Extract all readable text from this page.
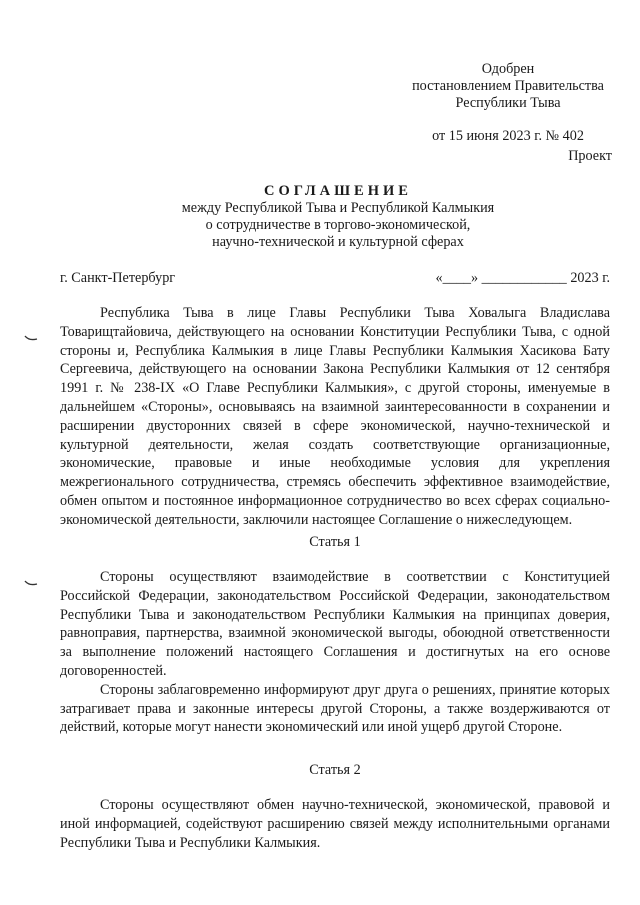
Одобрен
постановлением Правительства
Республики Тыва
от 15 июня 2023 г. № 402
Проект
СОГЛАШЕНИЕ
между Республикой Тыва и Республикой Калмыкия
о сотрудничестве в торгово-экономической,
научно-технической и культурной сферах
г. Санкт-Петербург	«____» ____________ 2023 г.

Республика Тыва в лице Главы Республики Тыва Ховалыга Владислава Товарищтайовича, действующего на основании Конституции Республики Тыва, с одной стороны и, Республика Калмыкия в лице Главы Республики Калмыкия Хасикова Бату Сергеевича, действующего на основании Закона Республики Калмыкия от 12 сентября 1991 г. № 238-IX «О Главе Республики Калмыкия», с другой стороны, именуемые в дальнейшем «Стороны», основываясь на взаимной заинтересованности в сохранении и расширении двусторонних связей в сфере экономической, научно-технической и культурной деятельности, желая создать соответствующие организационные, экономические, правовые и иные необходимые условия для укрепления межрегионального сотрудничества, стремясь обеспечить эффективное взаимодействие, обмен опытом и постоянное информационное сотрудничество во всех сферах социально-экономической деятельности, заключили настоящее Соглашение о нижеследующем.

Статья 1

Стороны осуществляют взаимодействие в соответствии с Конституцией Российской Федерации, законодательством Российской Федерации, законодательством Республики Тыва и законодательством Республики Калмыкия на принципах доверия, равноправия, партнерства, взаимной экономической выгоды, обоюдной ответственности за выполнение положений настоящего Соглашения и достигнутых на его основе договоренностей.

Стороны заблаговременно информируют друг друга о решениях, принятие которых затрагивает права и законные интересы другой Стороны, а также воздерживаются от действий, которые могут нанести экономический или иной ущерб другой Стороне.

Статья 2

Стороны осуществляют обмен научно-технической, экономической, правовой и иной информацией, содействуют расширению связей между исполнительными органами Республики Тыва и Республики Калмыкия.
